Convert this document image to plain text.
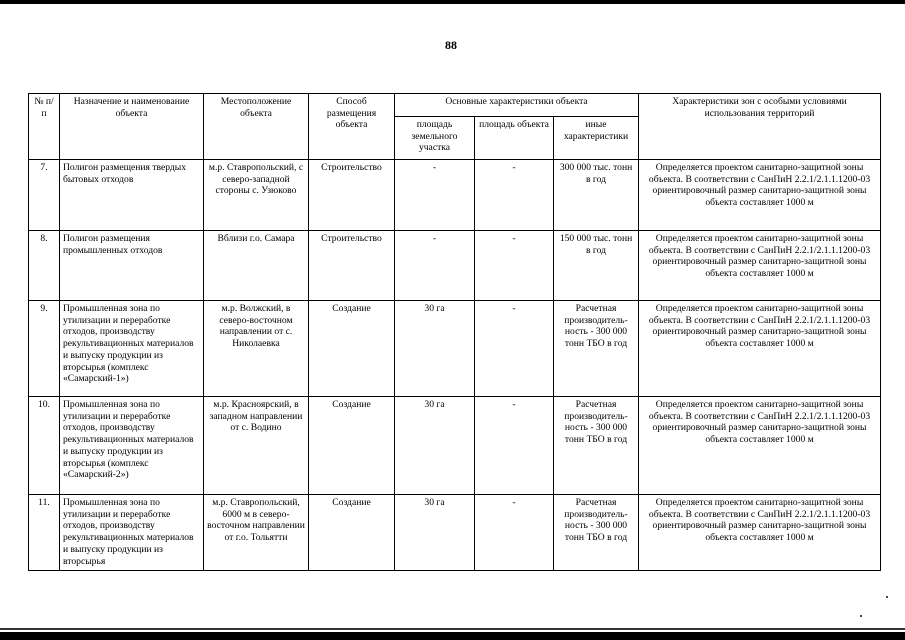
88
№ п/п	Назначение и наименование объекта	Местоположение объекта	Способ размещения объекта	Основные характеристики объекта			Характеристики зон с особыми условиями использования территорий
				площадь земельного участка	площадь объекта	иные характеристики	
7.	Полигон размещения твердых бытовых отходов	м.р. Ставропольский, с северо-западной стороны с. Узюково	Строительство	-	-	300 000 тыс. тонн в год	Определяется проектом санитарно-защитной зоны объекта. В соответствии с СанПиН 2.2.1/2.1.1.1200-03 ориентировочный размер санитарно-защитной зоны объекта составляет 1000 м
8.	Полигон размещения промышленных отходов	Вблизи г.о. Самара	Строительство	-	-	150 000 тыс. тонн в год	Определяется проектом санитарно-защитной зоны объекта. В соответствии с СанПиН 2.2.1/2.1.1.1200-03 ориентировочный размер санитарно-защитной зоны объекта составляет 1000 м
9.	Промышленная зона по утилизации и переработке отходов, производству рекультивационных материалов и выпуску продукции из вторсырья (комплекс «Самарский-1»)	м.р. Волжский, в северо-восточном направлении от с. Николаевка	Создание	30 га	-	Расчетная производитель-ность - 300 000 тонн ТБО в год	Определяется проектом санитарно-защитной зоны объекта. В соответствии с СанПиН 2.2.1/2.1.1.1200-03 ориентировочный размер санитарно-защитной зоны объекта составляет 1000 м
10.	Промышленная зона по утилизации и переработке отходов, производству рекультивационных материалов и выпуску продукции из вторсырья (комплекс «Самарский-2»)	м.р. Красноярский, в западном направлении от с. Водино	Создание	30 га	-	Расчетная производитель-ность - 300 000 тонн ТБО в год	Определяется проектом санитарно-защитной зоны объекта. В соответствии с СанПиН 2.2.1/2.1.1.1200-03 ориентировочный размер санитарно-защитной зоны объекта составляет 1000 м
11.	Промышленная зона по утилизации и переработке отходов, производству рекультивационных материалов и выпуску продукции из вторсырья	м.р. Ставропольский, 6000 м в северо-восточном направлении от г.о. Тольятти	Создание	30 га	-	Расчетная производитель-ность - 300 000 тонн ТБО в год	Определяется проектом санитарно-защитной зоны объекта. В соответствии с СанПиН 2.2.1/2.1.1.1200-03 ориентировочный размер санитарно-защитной зоны объекта составляет 1000 м
